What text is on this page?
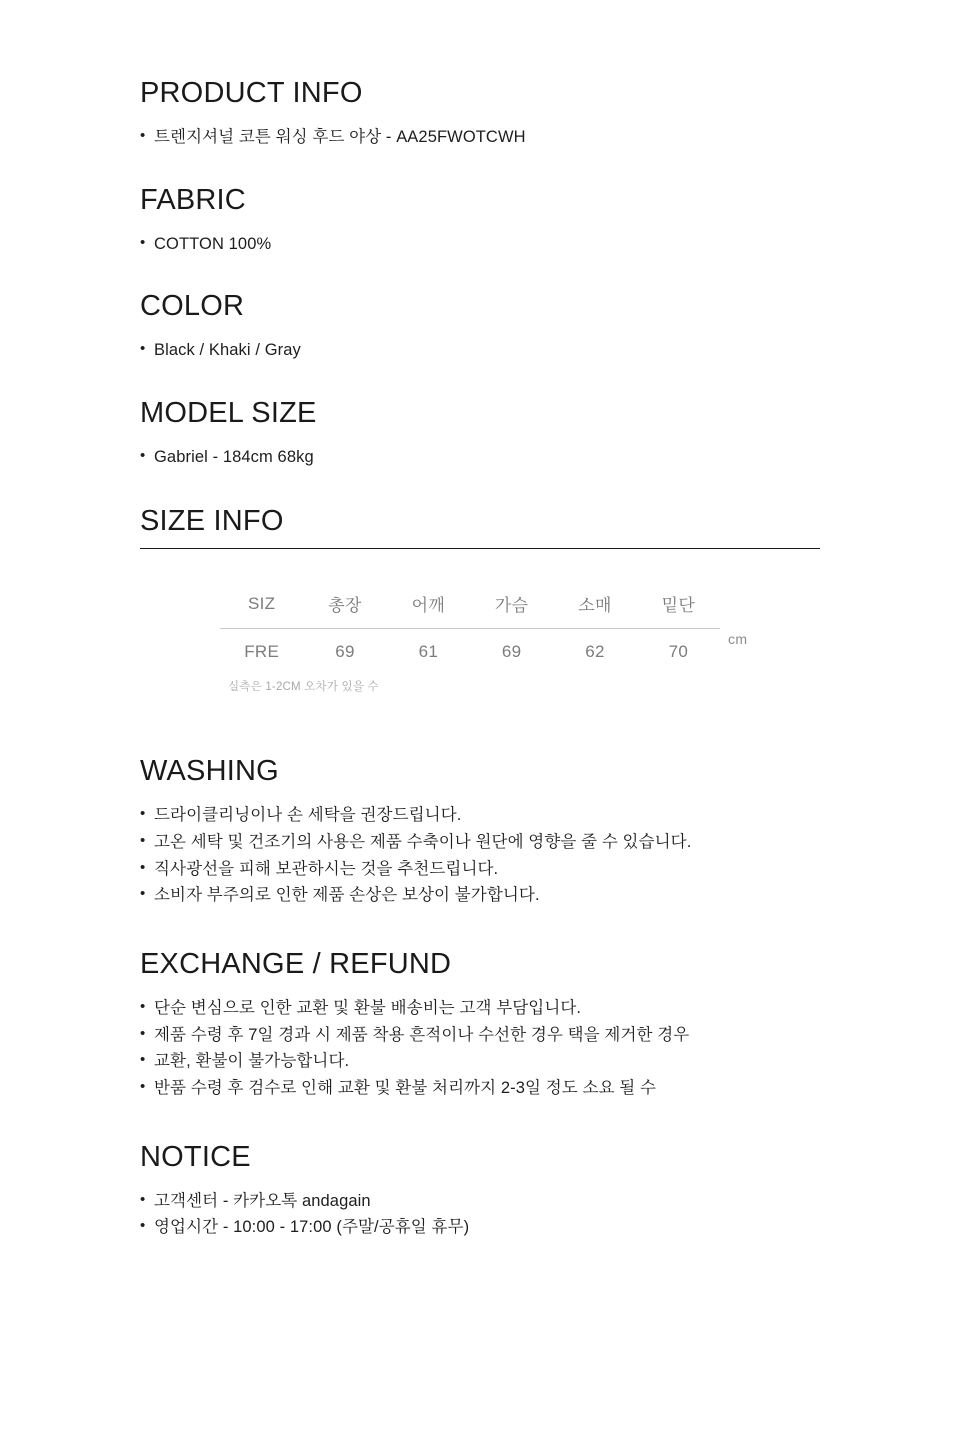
PRODUCT INFO
• 트렌지셔널 코튼 워싱 후드 야상 - AA25FWOTCWH
FABRIC
• COTTON 100%
COLOR
• Black / Khaki / Gray
MODEL SIZE
• Gabriel - 184cm 68kg
SIZE INFO
SIZ	총장	어깨	가슴	소매	밑단
FRE	69	61	69	62	70
cm
실측은 1-2CM 오차가 있을 수
WASHING
• 드라이클리닝이나 손 세탁을 권장드립니다.
• 고온 세탁 및 건조기의 사용은 제품 수축이나 원단에 영향을 줄 수 있습니다.
• 직사광선을 피해 보관하시는 것을 추천드립니다.
• 소비자 부주의로 인한 제품 손상은 보상이 불가합니다.
EXCHANGE / REFUND
• 단순 변심으로 인한 교환 및 환불 배송비는 고객 부담입니다.
• 제품 수령 후 7일 경과 시 제품 착용 흔적이나 수선한 경우 택을 제거한 경우
• 교환, 환불이 불가능합니다.
• 반품 수령 후 검수로 인해 교환 및 환불 처리까지 2-3일 정도 소요 될 수
NOTICE
• 고객센터 - 카카오톡 andagain
• 영업시간 - 10:00 - 17:00 (주말/공휴일 휴무)
